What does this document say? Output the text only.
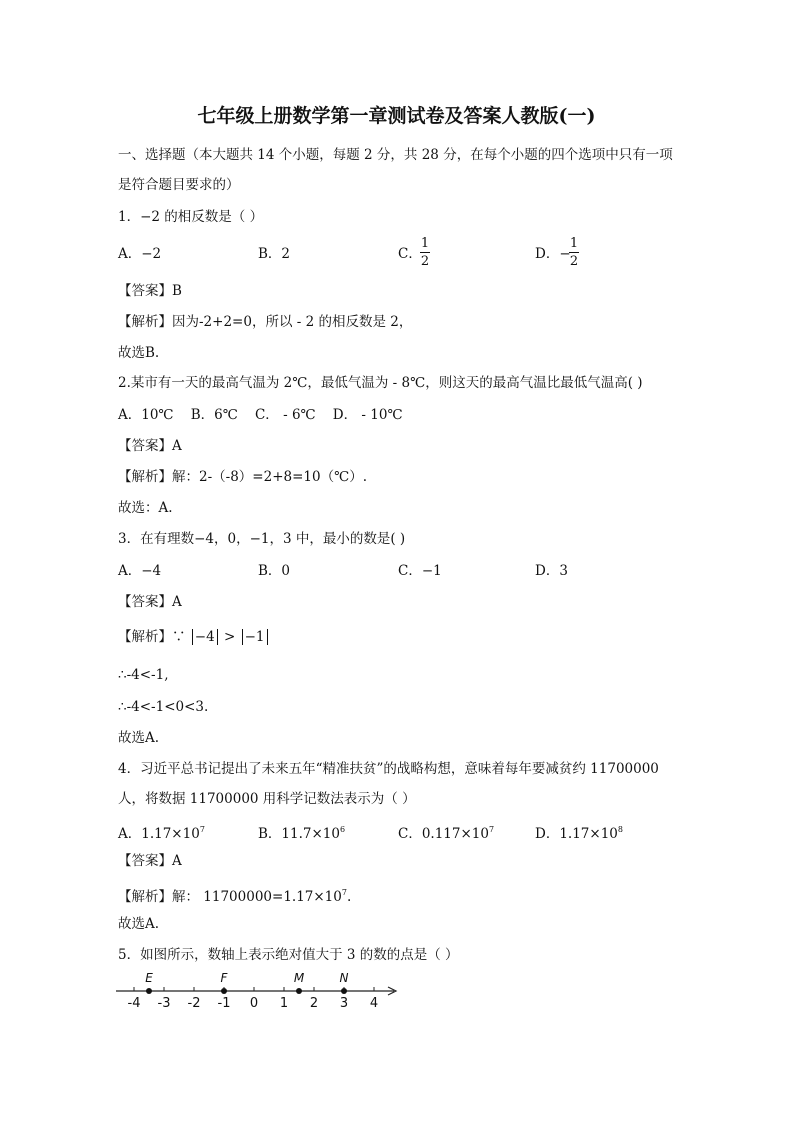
七年级上册数学第一章测试卷及答案人教版(一)
一、选择题（本大题共 14 个小题，每题 2 分，共 28 分，在每个小题的四个选项中只有一项
是符合题目要求的）
1．−2 的相反数是（ ）
A．−2	B．2	C．
1
2	D．−
1
2
【答案】B
【解析】因为-2+2=0，所以 - 2 的相反数是 2，
故选B.
2.某市有一天的最高气温为 2℃，最低气温为 - 8℃，则这天的最高气温比最低气温高( )
A．10℃    B．6℃    C． - 6℃    D． - 10℃
【答案】A
【解析】解：2-（-8）=2+8=10（℃）.
故选：A.
3．在有理数−4，0，−1，3 中，最小的数是( )
A．−4	B．0	C．−1	D．3
【答案】A
【解析】∵ −4 > −1
∴-4<-1,
∴-4<-1<0<3.
故选A.
4．习近平总书记提出了未来五年“精准扶贫”的战略构想，意味着每年要减贫约 11700000
人，将数据 11700000 用科学记数法表示为（ ）
A．$1.17\times 10^7$	B．$11.7\times 10^6$	C．$0.117\times 10^7$	D．$1.17\times 10^8$
【答案】A
【解析】解： $11700000=1.17\times 10^7$.
故选A.
5．如图所示，数轴上表示绝对值大于 3 的数的点是（ ）
-4 -3 -2 -1 0 1 2 3 4
E	F	M	N
